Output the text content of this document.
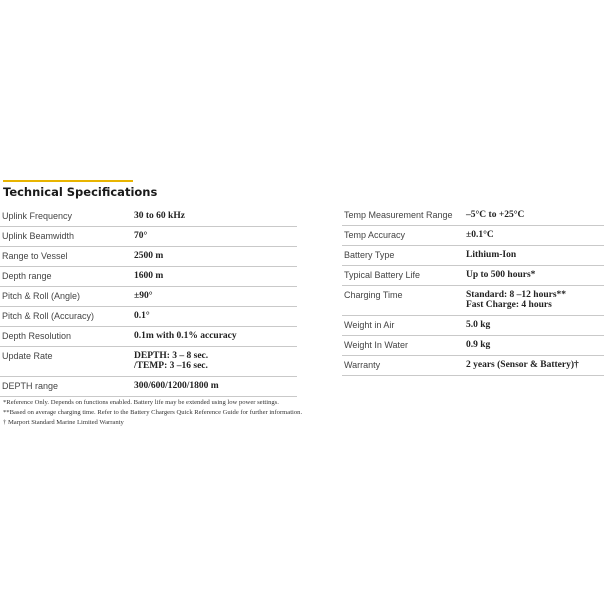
Technical Specifications
Uplink Frequency	30 to 60 kHz

Uplink Beamwidth	70°

Range to Vessel	2500 m

Depth range	1600 m

Pitch & Roll (Angle)	±90°

Pitch & Roll (Accuracy)	0.1°

Depth Resolution	0.1m with 0.1% accuracy

Update Rate	DEPTH: 3 – 8 sec.
/TEMP: 3 –16 sec.

DEPTH range	300/600/1200/1800 m
Temp Measurement Range	–5°C to +25°C

Temp Accuracy	±0.1°C

Battery Type	Lithium-Ion

Typical Battery Life	Up to 500 hours*

Charging Time	Standard: 8 –12 hours**
Fast Charge: 4 hours

Weight in Air	5.0 kg

Weight In Water	0.9 kg

Warranty	2 years (Sensor & Battery)†
*Reference Only. Depends on functions enabled. Battery life may be extended using low power settings.
**Based on average charging time. Refer to the Battery Chargers Quick Reference Guide for further information.
† Marport Standard Marine Limited Warranty
